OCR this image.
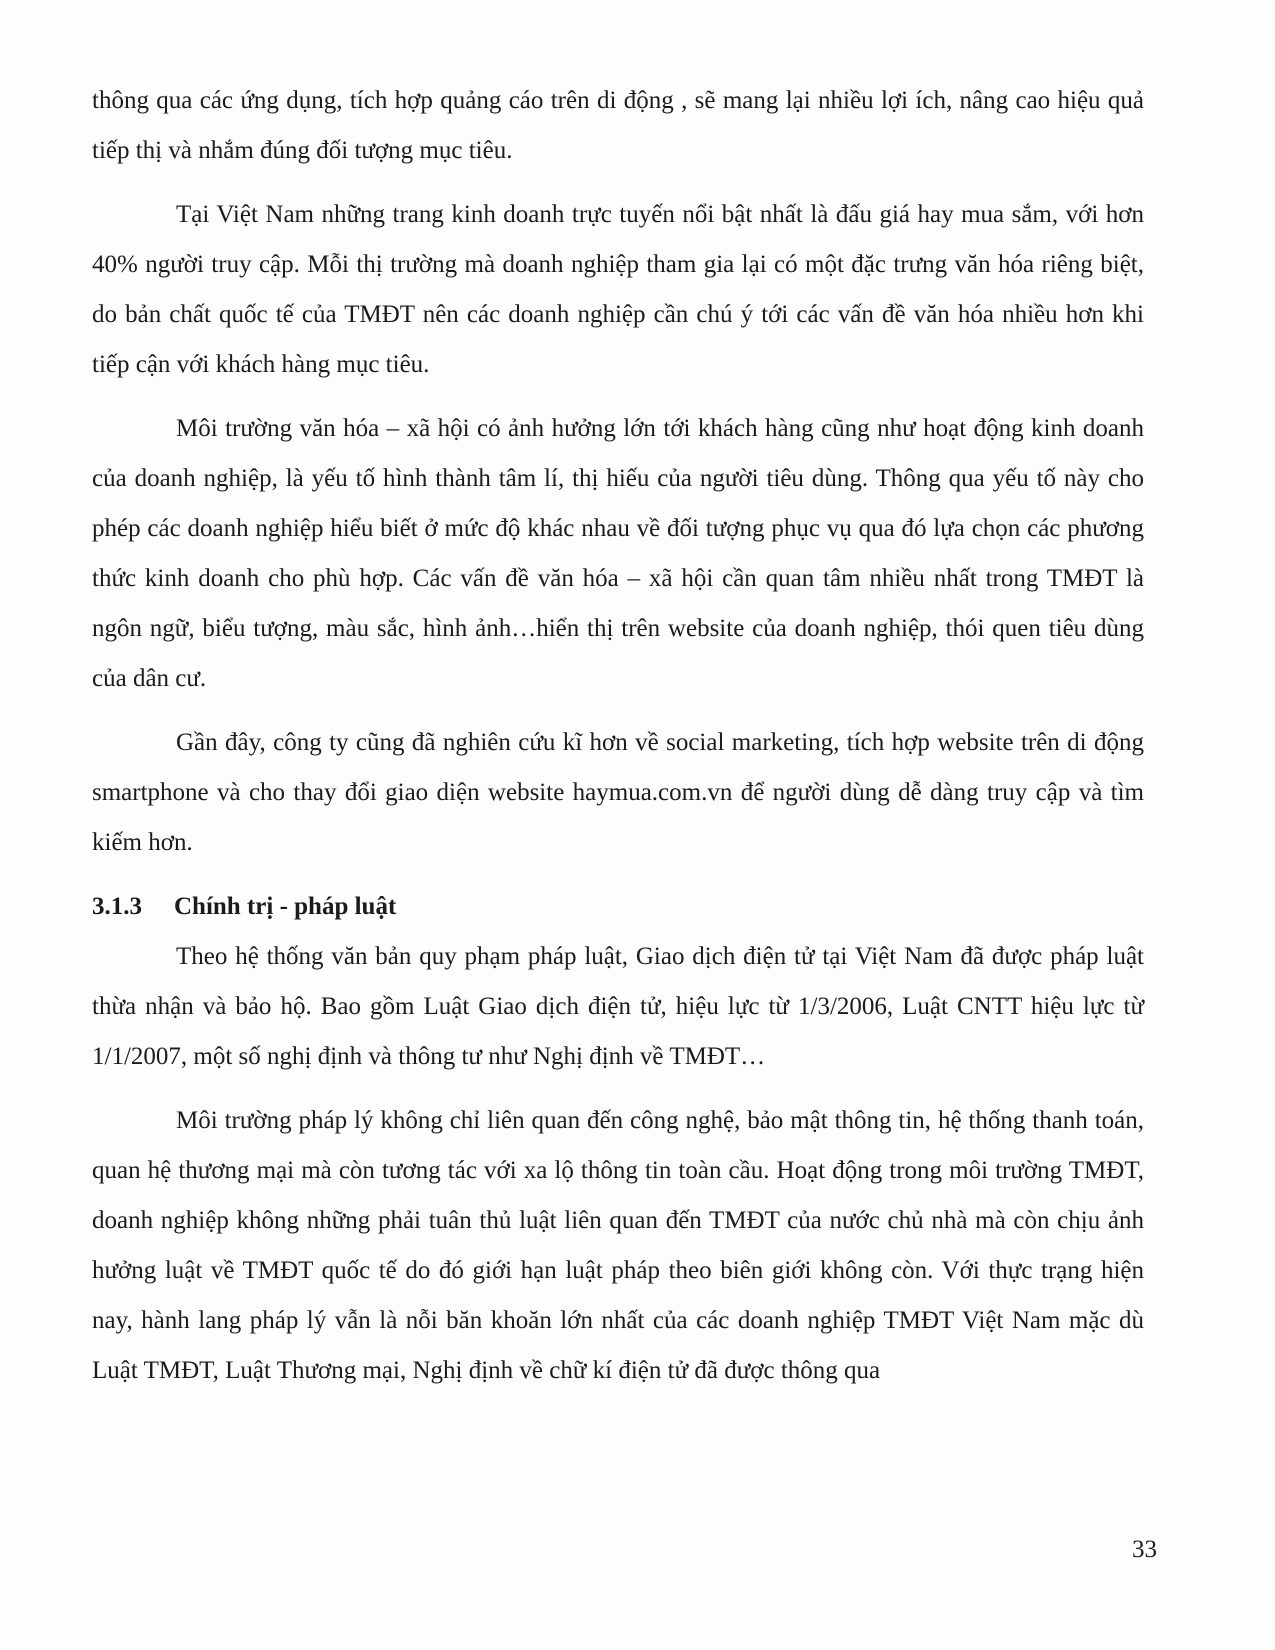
thông qua các ứng dụng, tích hợp quảng cáo trên di động , sẽ mang lại nhiều lợi ích, nâng cao hiệu quả tiếp thị và nhắm đúng đối tượng mục tiêu.

Tại Việt Nam những trang kinh doanh trực tuyến nổi bật nhất là đấu giá hay mua sắm, với hơn 40% người truy cập. Mỗi thị trường mà doanh nghiệp tham gia lại có một đặc trưng văn hóa riêng biệt, do bản chất quốc tế của TMĐT nên các doanh nghiệp cần chú ý tới các vấn đề văn hóa nhiều hơn khi tiếp cận với khách hàng mục tiêu.

Môi trường văn hóa – xã hội có ảnh hưởng lớn tới khách hàng cũng như hoạt động kinh doanh của doanh nghiệp, là yếu tố hình thành tâm lí, thị hiếu của người tiêu dùng. Thông qua yếu tố này cho phép các doanh nghiệp hiểu biết ở mức độ khác nhau về đối tượng phục vụ qua đó lựa chọn các phương thức kinh doanh cho phù hợp. Các vấn đề văn hóa – xã hội cần quan tâm nhiều nhất trong TMĐT là ngôn ngữ, biểu tượng, màu sắc, hình ảnh…hiển thị trên website của doanh nghiệp, thói quen tiêu dùng của dân cư.

Gần đây, công ty cũng đã nghiên cứu kĩ hơn về social marketing, tích hợp website trên di động smartphone và cho thay đổi giao diện website haymua.com.vn để người dùng dễ dàng truy cập và tìm kiếm hơn.

3.1.3 Chính trị - pháp luật

Theo hệ thống văn bản quy phạm pháp luật, Giao dịch điện tử tại Việt Nam đã được pháp luật thừa nhận và bảo hộ. Bao gồm Luật Giao dịch điện tử, hiệu lực từ 1/3/2006, Luật CNTT hiệu lực từ 1/1/2007, một số nghị định và thông tư như Nghị định về TMĐT…

Môi trường pháp lý không chỉ liên quan đến công nghệ, bảo mật thông tin, hệ thống thanh toán, quan hệ thương mại mà còn tương tác với xa lộ thông tin toàn cầu. Hoạt động trong môi trường TMĐT, doanh nghiệp không những phải tuân thủ luật liên quan đến TMĐT của nước chủ nhà mà còn chịu ảnh hưởng luật về TMĐT quốc tế do đó giới hạn luật pháp theo biên giới không còn. Với thực trạng hiện nay, hành lang pháp lý vẫn là nỗi băn khoăn lớn nhất của các doanh nghiệp TMĐT Việt Nam mặc dù Luật TMĐT, Luật Thương mại, Nghị định về chữ kí điện tử đã được thông qua

33
